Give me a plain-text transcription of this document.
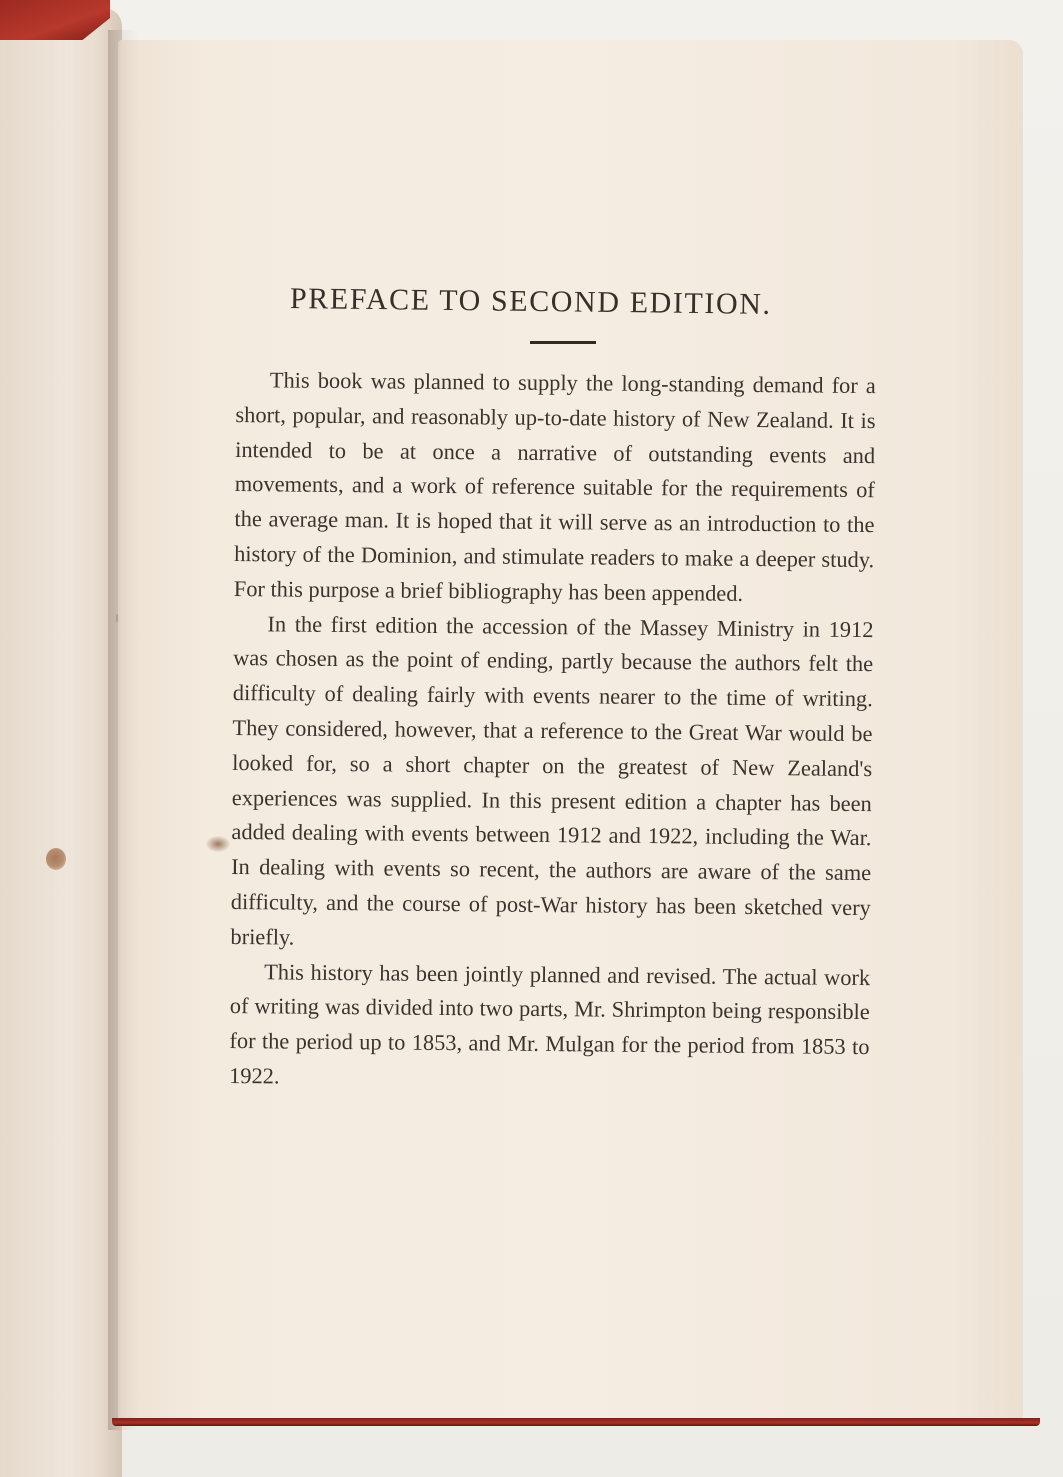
PREFACE TO SECOND EDITION.

This book was planned to supply the long-standing demand for a short, popular, and reasonably up-to-date history of New Zealand. It is intended to be at once a narrative of outstanding events and movements, and a work of reference suitable for the requirements of the average man. It is hoped that it will serve as an introduction to the history of the Dominion, and stimulate readers to make a deeper study. For this purpose a brief bibliography has been appended.

In the first edition the accession of the Massey Ministry in 1912 was chosen as the point of ending, partly because the authors felt the difficulty of dealing fairly with events nearer to the time of writing. They considered, however, that a reference to the Great War would be looked for, so a short chapter on the greatest of New Zealand's experiences was supplied. In this present edition a chapter has been added dealing with events between 1912 and 1922, including the War. In dealing with events so recent, the authors are aware of the same difficulty, and the course of post-War history has been sketched very briefly.

This history has been jointly planned and revised. The actual work of writing was divided into two parts, Mr. Shrimpton being responsible for the period up to 1853, and Mr. Mulgan for the period from 1853 to 1922.
